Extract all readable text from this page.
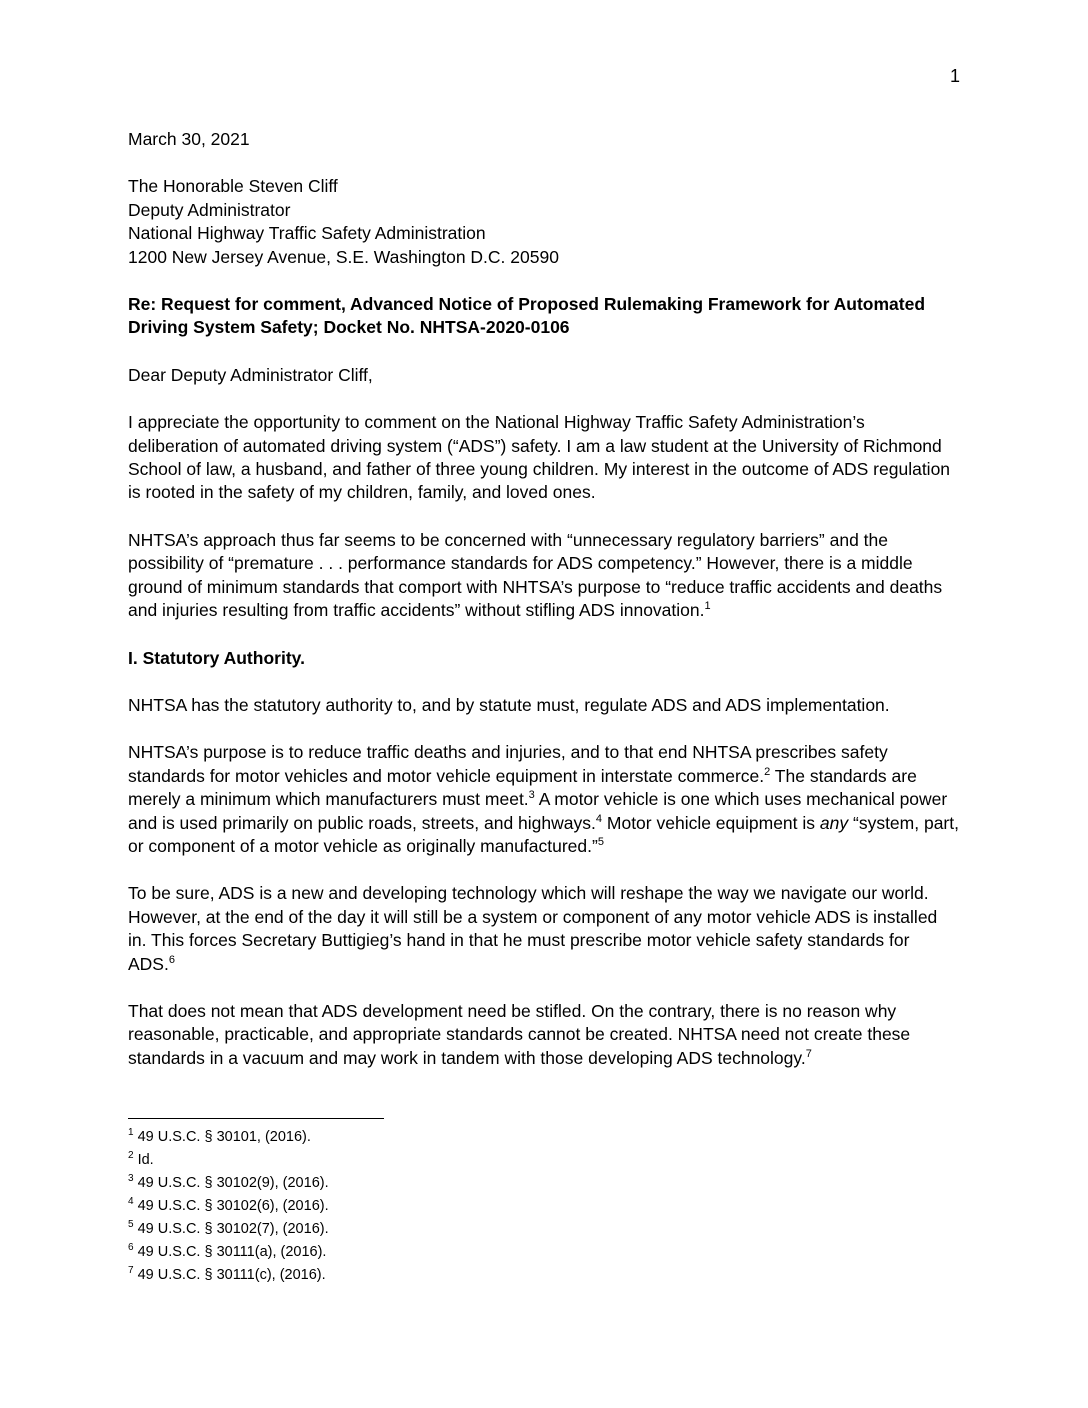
1

March 30, 2021

The Honorable Steven Cliff
Deputy Administrator
National Highway Traffic Safety Administration
1200 New Jersey Avenue, S.E. Washington D.C. 20590

Re: Request for comment, Advanced Notice of Proposed Rulemaking Framework for Automated Driving System Safety; Docket No. NHTSA-2020-0106

Dear Deputy Administrator Cliff,

I appreciate the opportunity to comment on the National Highway Traffic Safety Administration’s deliberation of automated driving system (“ADS”) safety. I am a law student at the University of Richmond School of law, a husband, and father of three young children. My interest in the outcome of ADS regulation is rooted in the safety of my children, family, and loved ones.

NHTSA’s approach thus far seems to be concerned with “unnecessary regulatory barriers” and the possibility of “premature . . . performance standards for ADS competency.” However, there is a middle ground of minimum standards that comport with NHTSA’s purpose to “reduce traffic accidents and deaths and injuries resulting from traffic accidents” without stifling ADS innovation.$^1$

I. Statutory Authority.

NHTSA has the statutory authority to, and by statute must, regulate ADS and ADS implementation.

NHTSA’s purpose is to reduce traffic deaths and injuries, and to that end NHTSA prescribes safety standards for motor vehicles and motor vehicle equipment in interstate commerce.$^2$ The standards are merely a minimum which manufacturers must meet.$^3$ A motor vehicle is one which uses mechanical power and is used primarily on public roads, streets, and highways.$^4$ Motor vehicle equipment is any “system, part, or component of a motor vehicle as originally manufactured.”$^5$

To be sure, ADS is a new and developing technology which will reshape the way we navigate our world. However, at the end of the day it will still be a system or component of any motor vehicle ADS is installed in. This forces Secretary Buttigieg’s hand in that he must prescribe motor vehicle safety standards for ADS.$^6$

That does not mean that ADS development need be stifled. On the contrary, there is no reason why reasonable, practicable, and appropriate standards cannot be created. NHTSA need not create these standards in a vacuum and may work in tandem with those developing ADS technology.$^7$

$^1$ 49 U.S.C. § 30101, (2016).
$^2$ Id.
$^3$ 49 U.S.C. § 30102(9), (2016).
$^4$ 49 U.S.C. § 30102(6), (2016).
$^5$ 49 U.S.C. § 30102(7), (2016).
$^6$ 49 U.S.C. § 30111(a), (2016).
$^7$ 49 U.S.C. § 30111(c), (2016).
